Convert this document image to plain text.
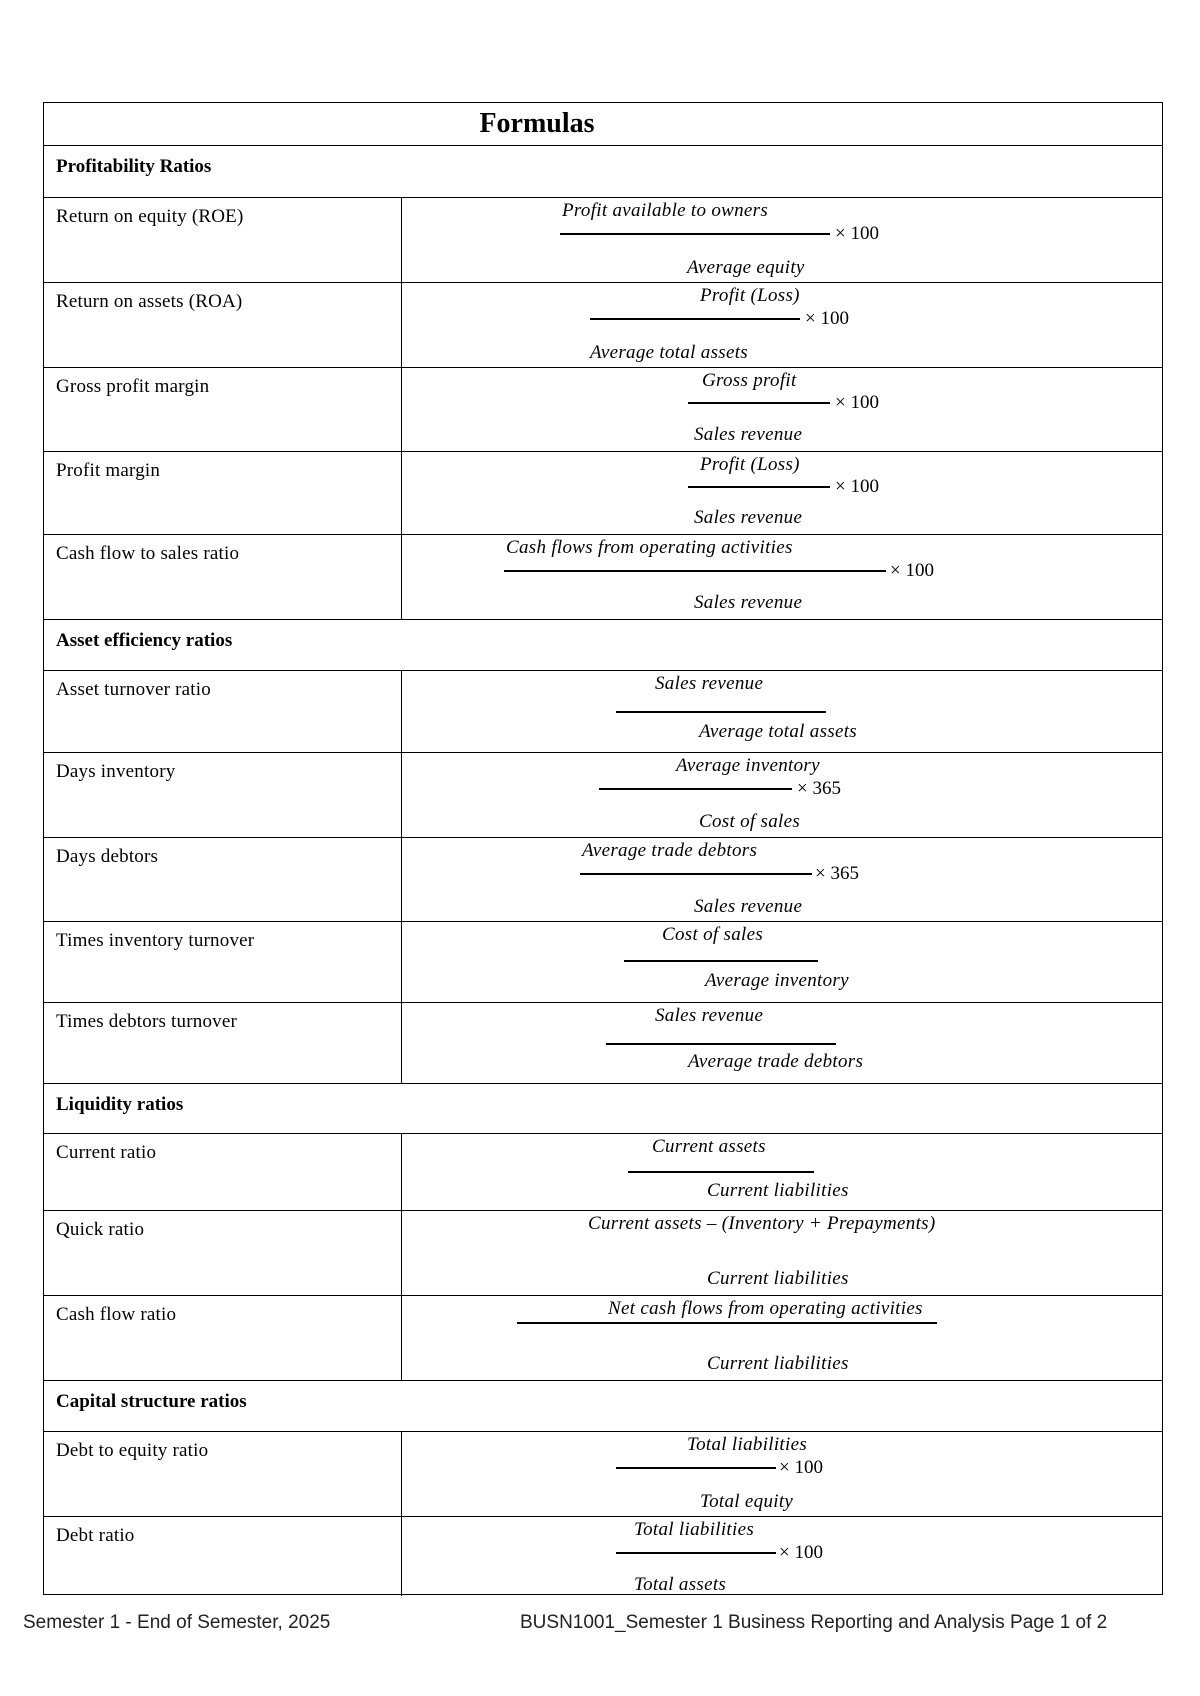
Formulas
Profitability Ratios
Return on equity (ROE)	Profit available to owners
× 100
Average equity
Return on assets (ROA)	Profit (Loss)
× 100
Average total assets
Gross profit margin	Gross profit
× 100
Sales revenue
Profit margin	Profit (Loss)
× 100
Sales revenue
Cash flow to sales ratio	Cash flows from operating activities
× 100
Sales revenue
Asset efficiency ratios
Asset turnover ratio	Sales revenue
Average total assets
Days inventory	Average inventory
× 365
Cost of sales
Days debtors	Average trade debtors
× 365
Sales revenue
Times inventory turnover	Cost of sales
Average inventory
Times debtors turnover	Sales revenue
Average trade debtors
Liquidity ratios
Current ratio	Current assets
Current liabilities
Quick ratio	Current assets – (Inventory + Prepayments)
Current liabilities
Cash flow ratio	Net cash flows from operating activities
Current liabilities
Capital structure ratios
Debt to equity ratio	Total liabilities
× 100
Total equity
Debt ratio	Total liabilities
× 100
Total assets
Semester 1 - End of Semester, 2025	BUSN1001_Semester 1 Business Reporting and Analysis Page 1 of 2
